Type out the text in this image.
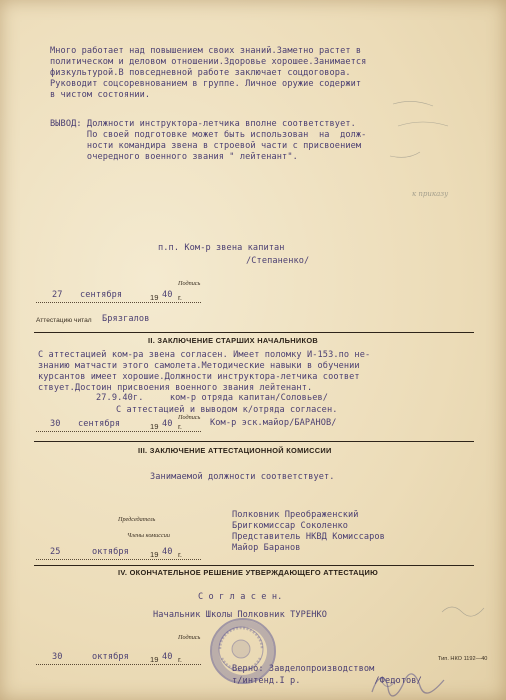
к приказу
Много работает над повышением своих знаний.Заметно растет в
политическом и деловом отношении.Здоровье хорошее.Занимается
физкультурой.В повседневной работе заключает соцдоговора.
Руководит соцсоревнованием в группе. Личное оружие содержит
в чистом состоянии.
ВЫВОД: Должности инструктора-летчика вполне соответствует.
По своей подготовке может быть использован  на  долж-
ности командира звена в строевой части с присвоением
очередного военного звания " лейтенант".
п.п. Ком-р звена капитан
/Степаненко/
Подпись
27 сентября	19 40 г.
Аттестацию читал Брязгалов
II. ЗАКЛЮЧЕНИЕ СТАРШИХ НАЧАЛЬНИКОВ
С аттестацией ком-ра звена согласен. Имеет поломку И-153.по не-
знанию матчасти этого самолета.Методические навыки в обучении
курсантов имеет хорошие.Должности инструктора-летчика соответ
ствует.Достоин присвоения военного звания лейтенант.
27.9.40г.     ком-р отряда капитан/Соловьев/
С аттестацией и выводом к/отряда согласен.
Подпись
30 сентября	19 40 г.	Ком-р эск.майор/БАРАНОВ/
III. ЗАКЛЮЧЕНИЕ АТТЕСТАЦИОННОЙ КОМИССИИ
Занимаемой должности соответствует.
Председатель
Члены комиссии
Полковник Преображенский
Бригкомиссар Соколенко
Представитель НКВД Комиссаров
Майор Баранов
25	октября	19 40 г.
IV. ОКОНЧАТЕЛЬНОЕ РЕШЕНИЕ УТВЕРЖДАЮЩЕГО АТТЕСТАЦИЮ
С о г л а с е н.
Начальник Школы Полковник ТУРЕНКО
Подпись
30	октября	19 40 г.
Верно: Завделопроизводством
т/интенд.I р.              /Федотов/
Тип. НКО 1192—40
